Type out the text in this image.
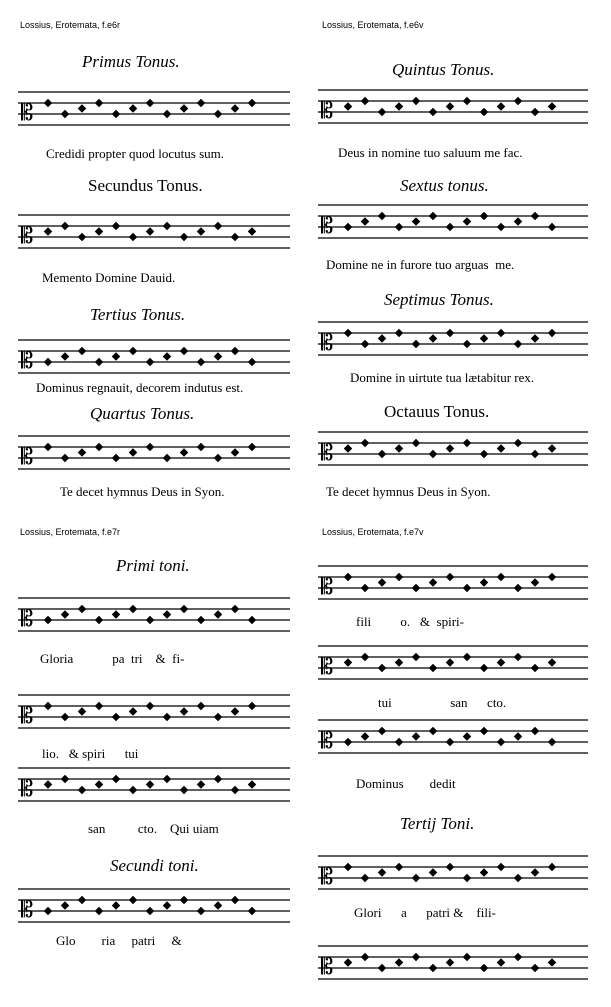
𝄡
𝄡
𝄡
𝄡
𝄡
𝄡
𝄡
𝄡
𝄡
𝄡
𝄡
𝄡
𝄡
𝄡
𝄡
𝄡
𝄡
Lossius, Erotemata, f.e6r	Lossius, Erotemata, f.e6v
Lossius, Erotemata, f.e7r	Lossius, Erotemata, f.e7v
Primus Tonus.
Credidi propter quod locutus sum.
Secundus Tonus.
Memento Domine Dauid.
Tertius Tonus.
Dominus regnauit, decorem indutus est.
Quartus Tonus.
Te decet hymnus Deus in Syon.
Quintus Tonus.
Deus in nomine tuo saluum me fac.
Sextus tonus.
Domine ne in furore tuo arguas  me.
Septimus Tonus.
Domine in uirtute tua lætabitur rex.
Octauus Tonus.
Te decet hymnus Deus in Syon.
Primi toni.
Gloria            pa  tri    &  fi-
lio.   & spiri      tui
san          cto.    Qui uiam
Secundi toni.
Glo        ria     patri     &
fili         o.   &  spiri-
tui                  san      cto.
Dominus        dedit
Tertij Toni.
Glori      a      patri &    fili-
